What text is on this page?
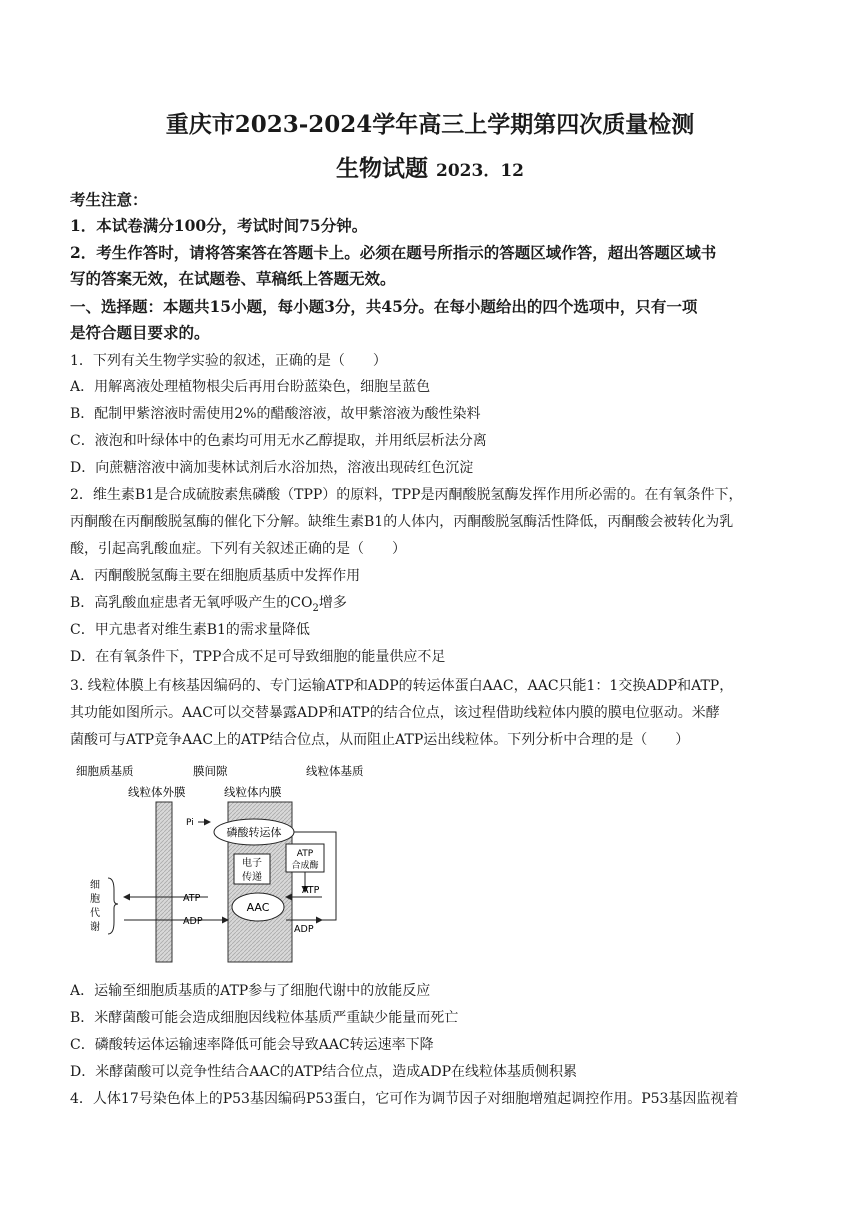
重庆市2023-2024学年高三上学期第四次质量检测
生物试题 2023．12
考生注意：
1．本试卷满分100分，考试时间75分钟。
2．考生作答时，请将答案答在答题卡上。必须在题号所指示的答题区域作答，超出答题区域书
写的答案无效，在试题卷、草稿纸上答题无效。
一、选择题：本题共15小题，每小题3分，共45分。在每小题给出的四个选项中，只有一项
是符合题目要求的。
1．下列有关生物学实验的叙述，正确的是（　　）
A．用解离液处理植物根尖后再用台盼蓝染色，细胞呈蓝色
B．配制甲紫溶液时需使用2%的醋酸溶液，故甲紫溶液为酸性染料
C．液泡和叶绿体中的色素均可用无水乙醇提取，并用纸层析法分离
D．向蔗糖溶液中滴加斐林试剂后水浴加热，溶液出现砖红色沉淀
2．维生素B1是合成硫胺素焦磷酸（TPP）的原料，TPP是丙酮酸脱氢酶发挥作用所必需的。在有氧条件下，
丙酮酸在丙酮酸脱氢酶的催化下分解。缺维生素B1的人体内，丙酮酸脱氢酶活性降低，丙酮酸会被转化为乳
酸，引起高乳酸血症。下列有关叙述正确的是（　　）
A．丙酮酸脱氢酶主要在细胞质基质中发挥作用
B．高乳酸血症患者无氧呼吸产生的$CO_2$增多
C．甲亢患者对维生素B1的需求量降低
D．在有氧条件下，TPP合成不足可导致细胞的能量供应不足
3. 线粒体膜上有核基因编码的、专门运输ATP和ADP的转运体蛋白AAC，AAC只能1：1交换ADP和ATP，
其功能如图所示。AAC可以交替暴露ADP和ATP的结合位点，该过程借助线粒体内膜的膜电位驱动。米酵
菌酸可与ATP竞争AAC上的ATP结合位点，从而阻止ATP运出线粒体。下列分析中合理的是（　　）
细胞质基质	膜间隙	线粒体基质
线粒体外膜	线粒体内膜
Pi
磷酸转运体
电子
传递
ATP
合成酶
AAC
细
胞
代
谢
ATP
ADP
ATP
ADP
A．运输至细胞质基质的ATP参与了细胞代谢中的放能反应
B．米酵菌酸可能会造成细胞因线粒体基质严重缺少能量而死亡
C．磷酸转运体运输速率降低可能会导致AAC转运速率下降
D．米酵菌酸可以竞争性结合AAC的ATP结合位点，造成ADP在线粒体基质侧积累
4．人体17号染色体上的P53基因编码P53蛋白，它可作为调节因子对细胞增殖起调控作用。P53基因监视着
